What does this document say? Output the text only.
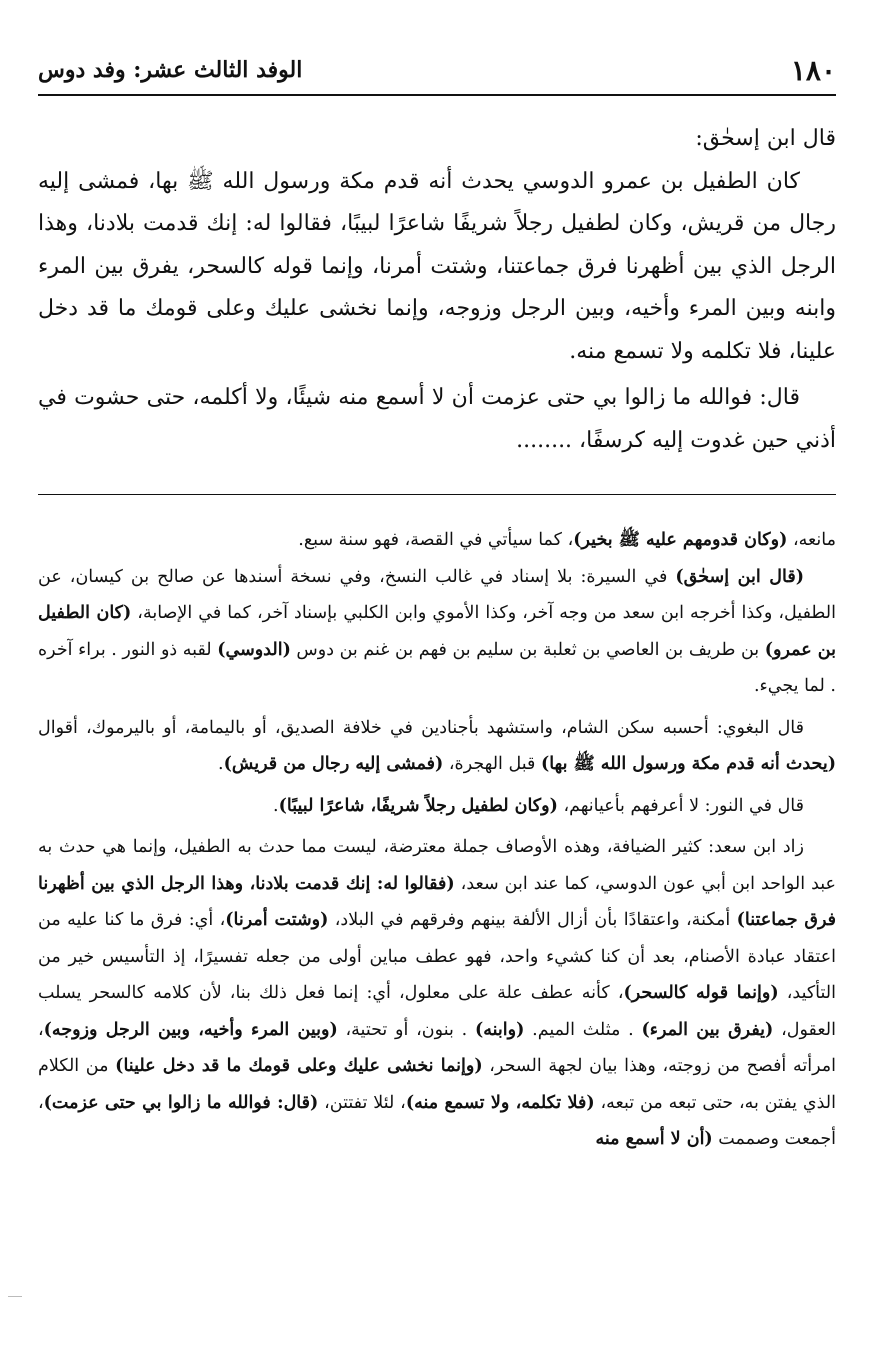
١٨٠
الوفد الثالث عشر: وفد دوس

قال ابن إسحٰق:

كان الطفيل بن عمرو الدوسي يحدث أنه قدم مكة ورسول الله ﷺ بها، فمشى إليه رجال من قريش، وكان لطفيل رجلاً شريفًا شاعرًا لبيبًا، فقالوا له: إنك قدمت بلادنا، وهذا الرجل الذي بين أظهرنا فرق جماعتنا، وشتت أمرنا، وإنما قوله كالسحر، يفرق بين المرء وابنه وبين المرء وأخيه، وبين الرجل وزوجه، وإنما نخشى عليك وعلى قومك ما قد دخل علينا، فلا تكلمه ولا تسمع منه.

قال: فوالله ما زالوا بي حتى عزمت أن لا أسمع منه شيئًا، ولا أكلمه، حتى حشوت في أذني حين غدوت إليه كرسفًا، ........

مانعه، (وكان قدومهم عليه ﷺ بخير)، كما سيأتي في القصة، فهو سنة سبع.

(قال ابن إسحٰق) في السيرة: بلا إسناد في غالب النسخ، وفي نسخة أسندها عن صالح بن كيسان، عن الطفيل، وكذا أخرجه ابن سعد من وجه آخر، وكذا الأموي وابن الكلبي بإسناد آخر، كما في الإصابة، (كان الطفيل بن عمرو) بن طريف بن العاصي بن ثعلبة بن سليم بن فهم بن غنم بن دوس (الدوسي) لقبه ذو النور . براء آخره . لما يجيء.

قال البغوي: أحسبه سكن الشام، واستشهد بأجنادين في خلافة الصديق، أو باليمامة، أو باليرموك، أقوال (يحدث أنه قدم مكة ورسول الله ﷺ بها) قبل الهجرة، (فمشى إليه رجال من قريش).

قال في النور: لا أعرفهم بأعيانهم، (وكان لطفيل رجلاً شريفًا، شاعرًا لبيبًا).

زاد ابن سعد: كثير الضيافة، وهذه الأوصاف جملة معترضة، ليست مما حدث به الطفيل، وإنما هي حدث به عبد الواحد ابن أبي عون الدوسي، كما عند ابن سعد، (فقالوا له: إنك قدمت بلادنا، وهذا الرجل الذي بين أظهرنا فرق جماعتنا) أمكنة، واعتقادًا بأن أزال الألفة بينهم وفرقهم في البلاد، (وشتت أمرنا)، أي: فرق ما كنا عليه من اعتقاد عبادة الأصنام، بعد أن كنا كشيء واحد، فهو عطف مباين أولى من جعله تفسيرًا، إذ التأسيس خير من التأكيد، (وإنما قوله كالسحر)، كأنه عطف علة على معلول، أي: إنما فعل ذلك بنا، لأن كلامه كالسحر يسلب العقول، (يفرق بين المرء) . مثلث الميم. (وابنه) . بنون، أو تحتية، (وبين المرء وأخيه، وبين الرجل وزوجه)، امرأته أفصح من زوجته، وهذا بيان لجهة السحر، (وإنما نخشى عليك وعلى قومك ما قد دخل علينا) من الكلام الذي يفتن به، حتى تبعه من تبعه، (فلا تكلمه، ولا تسمع منه)، لئلا تفتتن، (قال: فوالله ما زالوا بي حتى عزمت)، أجمعت وصممت (أن لا أسمع منه
